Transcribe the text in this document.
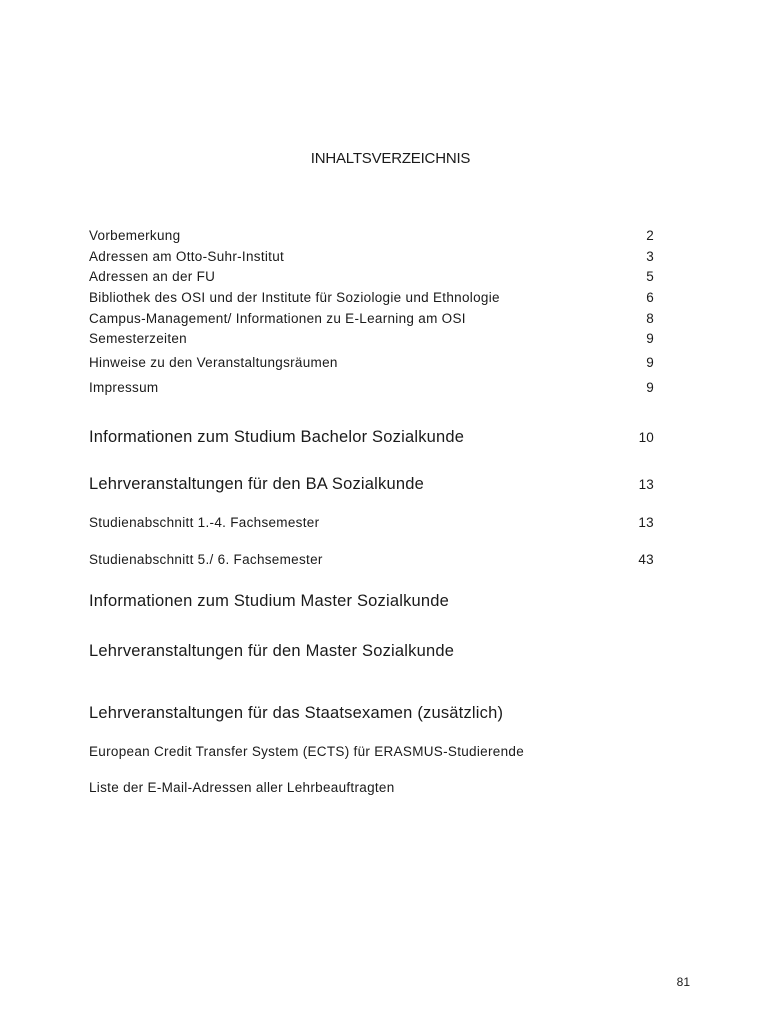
INHALTSVERZEICHNIS
Vorbemerkung	2
Adressen am Otto-Suhr-Institut	3
Adressen an der FU	5
Bibliothek des OSI und der Institute für Soziologie und Ethnologie	6
Campus-Management/ Informationen zu E-Learning am OSI	8
Semesterzeiten	9
Hinweise zu den Veranstaltungsräumen	9
Impressum	9
Informationen zum Studium Bachelor Sozialkunde	10
Lehrveranstaltungen für den BA Sozialkunde	13
Studienabschnitt 1.-4. Fachsemester	13
Studienabschnitt 5./ 6. Fachsemester	43
Informationen zum Studium Master Sozialkunde
Lehrveranstaltungen für den Master Sozialkunde
Lehrveranstaltungen für das Staatsexamen (zusätzlich)
European Credit Transfer System (ECTS) für ERASMUS-Studierende
Liste der E-Mail-Adressen aller Lehrbeauftragten
81
